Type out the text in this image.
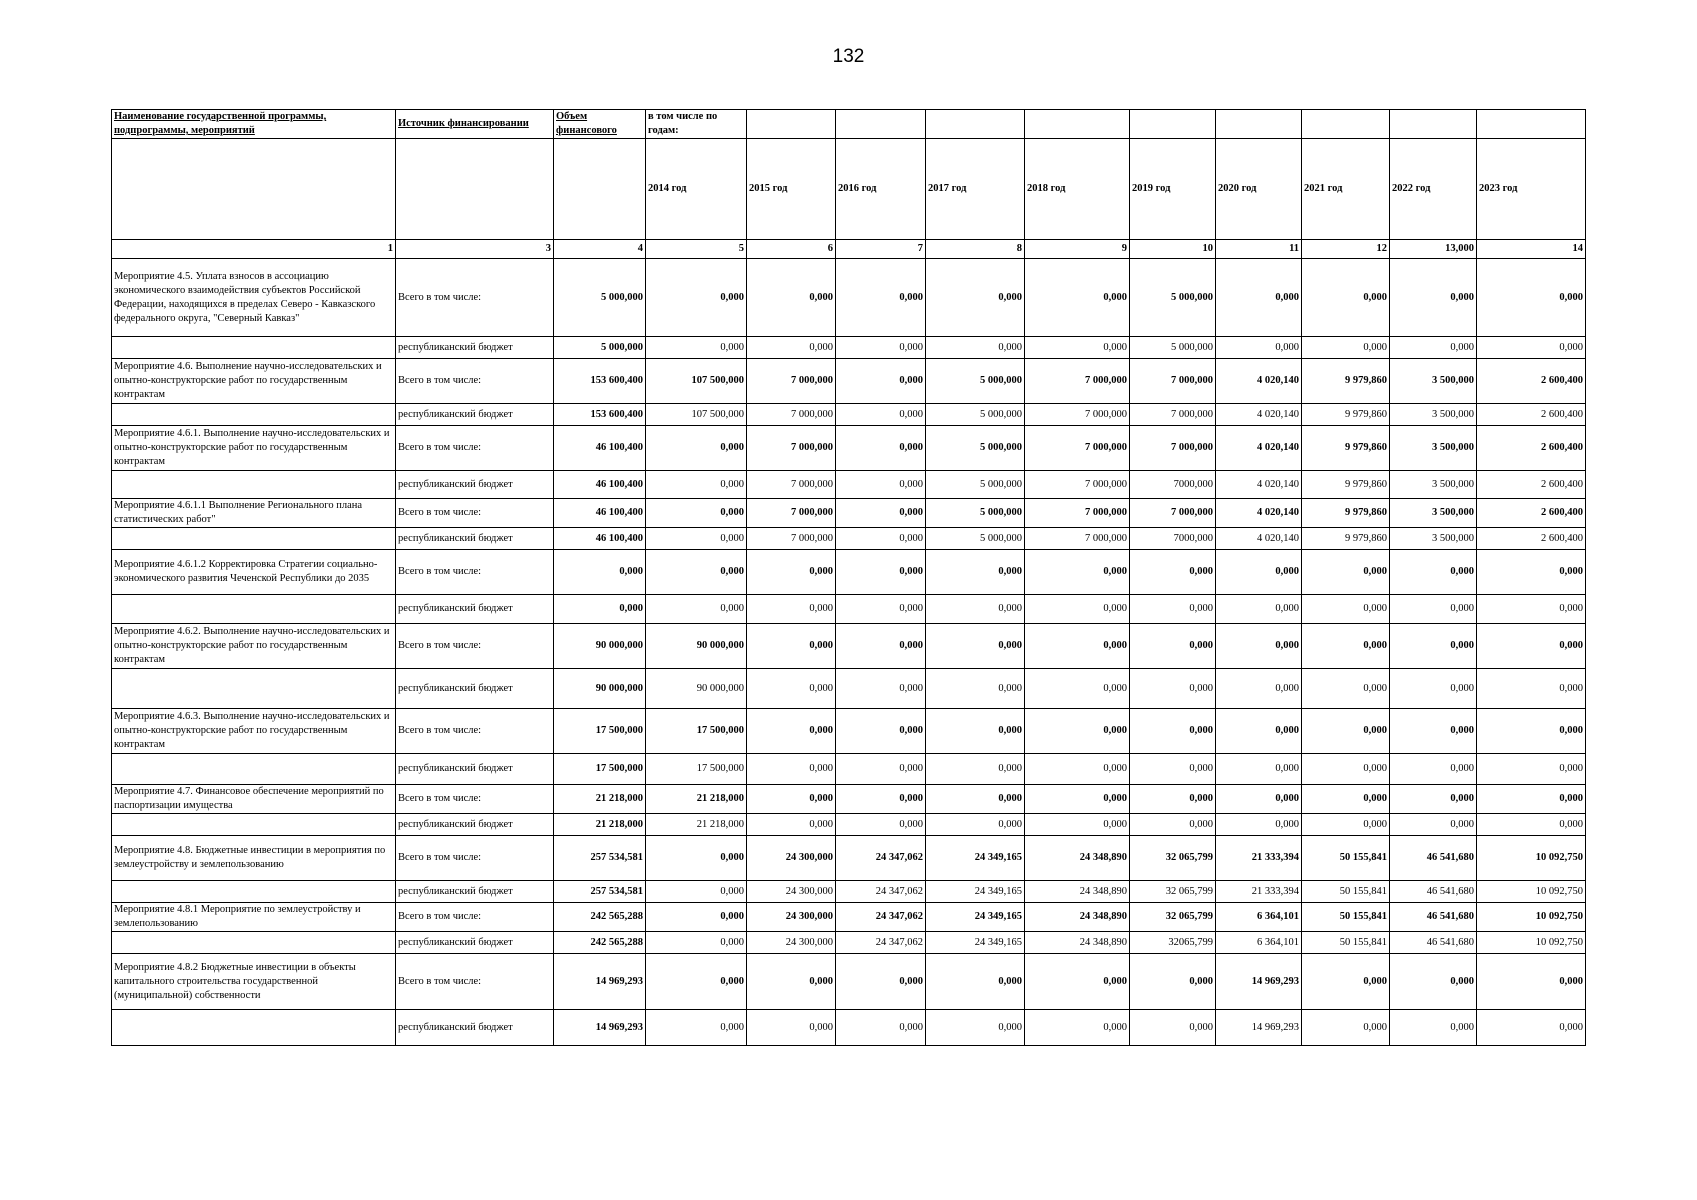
132
Наименование государственной программы, подпрограммы, мероприятий	Источник финансировании	Объем финансового	в том числе по годам:									
			2014 год	2015 год	2016 год	2017 год	2018 год	2019 год	2020 год	2021 год	2022 год	2023 год
1	3	4	5	6	7	8	9	10	11	12	13,000	14
Мероприятие 4.5. Уплата взносов в ассоциацию экономического взаимодействия субъектов Российской Федерации, находящихся в пределах Северо - Кавказского федерального округа, "Северный Кавказ"	Всего в том числе:	5 000,000	0,000	0,000	0,000	0,000	0,000	5 000,000	0,000	0,000	0,000	0,000
	республиканский бюджет	5 000,000	0,000	0,000	0,000	0,000	0,000	5 000,000	0,000	0,000	0,000	0,000
Мероприятие 4.6. Выполнение научно-исследовательских и опытно-конструкторские работ по государственным контрактам	Всего в том числе:	153 600,400	107 500,000	7 000,000	0,000	5 000,000	7 000,000	7 000,000	4 020,140	9 979,860	3 500,000	2 600,400
	республиканский бюджет	153 600,400	107 500,000	7 000,000	0,000	5 000,000	7 000,000	7 000,000	4 020,140	9 979,860	3 500,000	2 600,400
Мероприятие 4.6.1. Выполнение научно-исследовательских и опытно-конструкторские работ по государственным контрактам	Всего в том числе:	46 100,400	0,000	7 000,000	0,000	5 000,000	7 000,000	7 000,000	4 020,140	9 979,860	3 500,000	2 600,400
	республиканский бюджет	46 100,400	0,000	7 000,000	0,000	5 000,000	7 000,000	7000,000	4 020,140	9 979,860	3 500,000	2 600,400
Мероприятие 4.6.1.1 Выполнение Регионального плана статистических работ"	Всего в том числе:	46 100,400	0,000	7 000,000	0,000	5 000,000	7 000,000	7 000,000	4 020,140	9 979,860	3 500,000	2 600,400
	республиканский бюджет	46 100,400	0,000	7 000,000	0,000	5 000,000	7 000,000	7000,000	4 020,140	9 979,860	3 500,000	2 600,400
Мероприятие 4.6.1.2 Корректировка Стратегии социально-экономического развития Чеченской Республики до 2035	Всего в том числе:	0,000	0,000	0,000	0,000	0,000	0,000	0,000	0,000	0,000	0,000	0,000
	республиканский бюджет	0,000	0,000	0,000	0,000	0,000	0,000	0,000	0,000	0,000	0,000	0,000
Мероприятие 4.6.2. Выполнение научно-исследовательских и опытно-конструкторские работ по государственным контрактам	Всего в том числе:	90 000,000	90 000,000	0,000	0,000	0,000	0,000	0,000	0,000	0,000	0,000	0,000
	республиканский бюджет	90 000,000	90 000,000	0,000	0,000	0,000	0,000	0,000	0,000	0,000	0,000	0,000
Мероприятие 4.6.3. Выполнение научно-исследовательских и опытно-конструкторские работ по государственным контрактам	Всего в том числе:	17 500,000	17 500,000	0,000	0,000	0,000	0,000	0,000	0,000	0,000	0,000	0,000
	республиканский бюджет	17 500,000	17 500,000	0,000	0,000	0,000	0,000	0,000	0,000	0,000	0,000	0,000
Мероприятие 4.7. Финансовое обеспечение мероприятий по паспортизации имущества	Всего в том числе:	21 218,000	21 218,000	0,000	0,000	0,000	0,000	0,000	0,000	0,000	0,000	0,000
	республиканский бюджет	21 218,000	21 218,000	0,000	0,000	0,000	0,000	0,000	0,000	0,000	0,000	0,000
Мероприятие 4.8. Бюджетные инвестиции в мероприятия по землеустройству и землепользованию	Всего в том числе:	257 534,581	0,000	24 300,000	24 347,062	24 349,165	24 348,890	32 065,799	21 333,394	50 155,841	46 541,680	10 092,750
	республиканский бюджет	257 534,581	0,000	24 300,000	24 347,062	24 349,165	24 348,890	32 065,799	21 333,394	50 155,841	46 541,680	10 092,750
Мероприятие 4.8.1 Мероприятие по землеустройству и землепользованию	Всего в том числе:	242 565,288	0,000	24 300,000	24 347,062	24 349,165	24 348,890	32 065,799	6 364,101	50 155,841	46 541,680	10 092,750
	республиканский бюджет	242 565,288	0,000	24 300,000	24 347,062	24 349,165	24 348,890	32065,799	6 364,101	50 155,841	46 541,680	10 092,750
Мероприятие 4.8.2 Бюджетные инвестиции в объекты капитального строительства государственной (муниципальной) собственности	Всего в том числе:	14 969,293	0,000	0,000	0,000	0,000	0,000	0,000	14 969,293	0,000	0,000	0,000
	республиканский бюджет	14 969,293	0,000	0,000	0,000	0,000	0,000	0,000	14 969,293	0,000	0,000	0,000
